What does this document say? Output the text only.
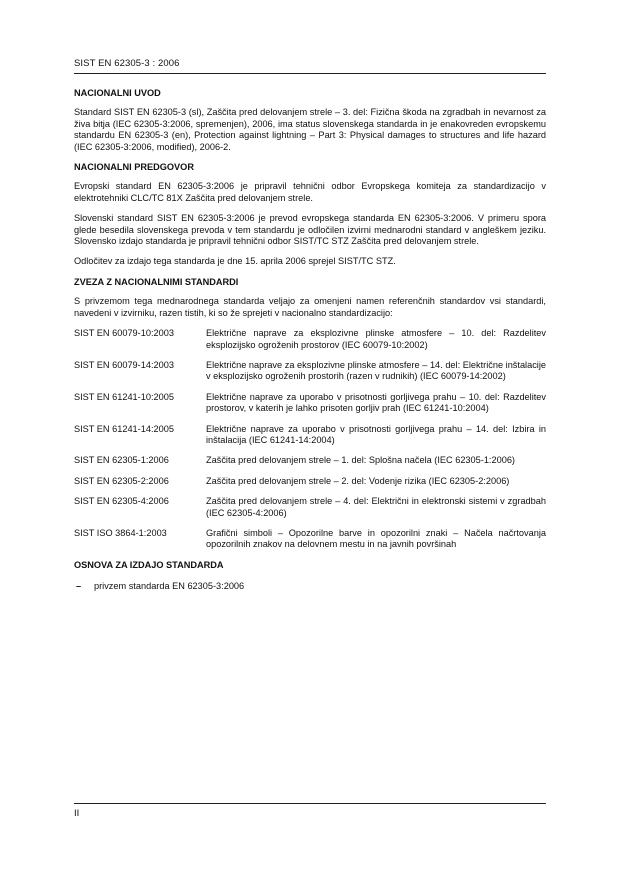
SIST EN 62305-3 : 2006
NACIONALNI UVOD

Standard SIST EN 62305-3 (sl), Zaščita pred delovanjem strele – 3. del: Fizična škoda na zgradbah in nevarnost za živa bitja (IEC 62305-3:2006, spremenjen), 2006, ima status slovenskega standarda in je enakovreden evropskemu standardu EN 62305-3 (en), Protection against lightning – Part 3: Physical damages to structures and life hazard (IEC 62305-3:2006, modified), 2006-2.

NACIONALNI PREDGOVOR

Evropski standard EN 62305-3:2006 je pripravil tehnični odbor Evropskega komiteja za standardizacijo v elektrotehniki CLC/TC 81X Zaščita pred delovanjem strele.

Slovenski standard SIST EN 62305-3:2006 je prevod evropskega standarda EN 62305-3:2006. V primeru spora glede besedila slovenskega prevoda v tem standardu je odločilen izvirni mednarodni standard v angleškem jeziku. Slovensko izdajo standarda je pripravil tehnični odbor SIST/TC STZ Zaščita pred delovanjem strele.

Odločitev za izdajo tega standarda je dne 15. aprila 2006 sprejel SIST/TC STZ.

ZVEZA Z NACIONALNIMI STANDARDI

S privzemom tega mednarodnega standarda veljajo za omenjeni namen referenčnih standardov vsi standardi, navedeni v izvirniku, razen tistih, ki so že sprejeti v nacionalno standardizacijo:

SIST EN 60079-10:2003	Električne naprave za eksplozivne plinske atmosfere – 10. del: Razdelitev eksplozijsko ogroženih prostorov (IEC 60079-10:2002)
SIST EN 60079-14:2003	Električne naprave za eksplozivne plinske atmosfere – 14. del: Električne inštalacije v eksplozijsko ogroženih prostorih (razen v rudnikih) (IEC 60079-14:2002)
SIST EN 61241-10:2005	Električne naprave za uporabo v prisotnosti gorljivega prahu – 10. del: Razdelitev prostorov, v katerih je lahko prisoten gorljiv prah (IEC 61241-10:2004)
SIST EN 61241-14:2005	Električne naprave za uporabo v prisotnosti gorljivega prahu – 14. del: Izbira in inštalacija (IEC 61241-14:2004)
SIST EN 62305-1:2006	Zaščita pred delovanjem strele – 1. del: Splošna načela (IEC 62305-1:2006)
SIST EN 62305-2:2006	Zaščita pred delovanjem strele – 2. del: Vodenje rizika (IEC 62305-2:2006)
SIST EN 62305-4:2006	Zaščita pred delovanjem strele – 4. del: Električni in elektronski sistemi v zgradbah (IEC 62305-4:2006)
SIST ISO 3864-1:2003	Grafični simboli – Opozorilne barve in opozorilni znaki – Načela načrtovanja opozorilnih znakov na delovnem mestu in na javnih površinah
OSNOVA ZA IZDAJO STANDARDA
–	privzem standarda EN 62305-3:2006
II
